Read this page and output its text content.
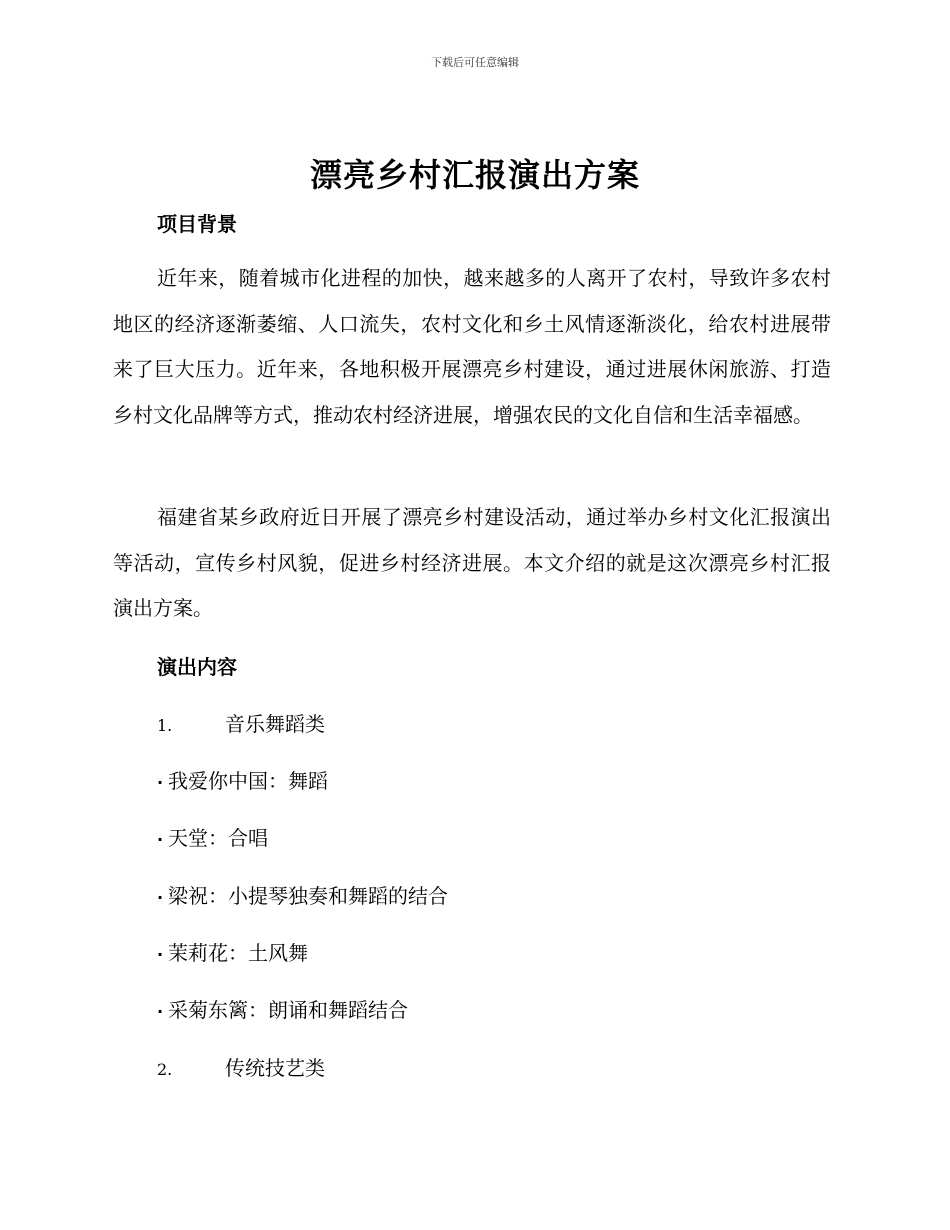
下载后可任意编辑
漂亮乡村汇报演出方案
项目背景

近年来，随着城市化进程的加快，越来越多的人离开了农村，导致许多农村地区的经济逐渐萎缩、人口流失，农村文化和乡土风情逐渐淡化，给农村进展带来了巨大压力。近年来，各地积极开展漂亮乡村建设，通过进展休闲旅游、打造乡村文化品牌等方式，推动农村经济进展，增强农民的文化自信和生活幸福感。

福建省某乡政府近日开展了漂亮乡村建设活动，通过举办乡村文化汇报演出等活动，宣传乡村风貌，促进乡村经济进展。本文介绍的就是这次漂亮乡村汇报演出方案。

演出内容
1.	音乐舞蹈类
· 我爱你中国：舞蹈
· 天堂：合唱
· 梁祝：小提琴独奏和舞蹈的结合
· 茉莉花：土风舞
· 采菊东篱：朗诵和舞蹈结合
2.	传统技艺类
